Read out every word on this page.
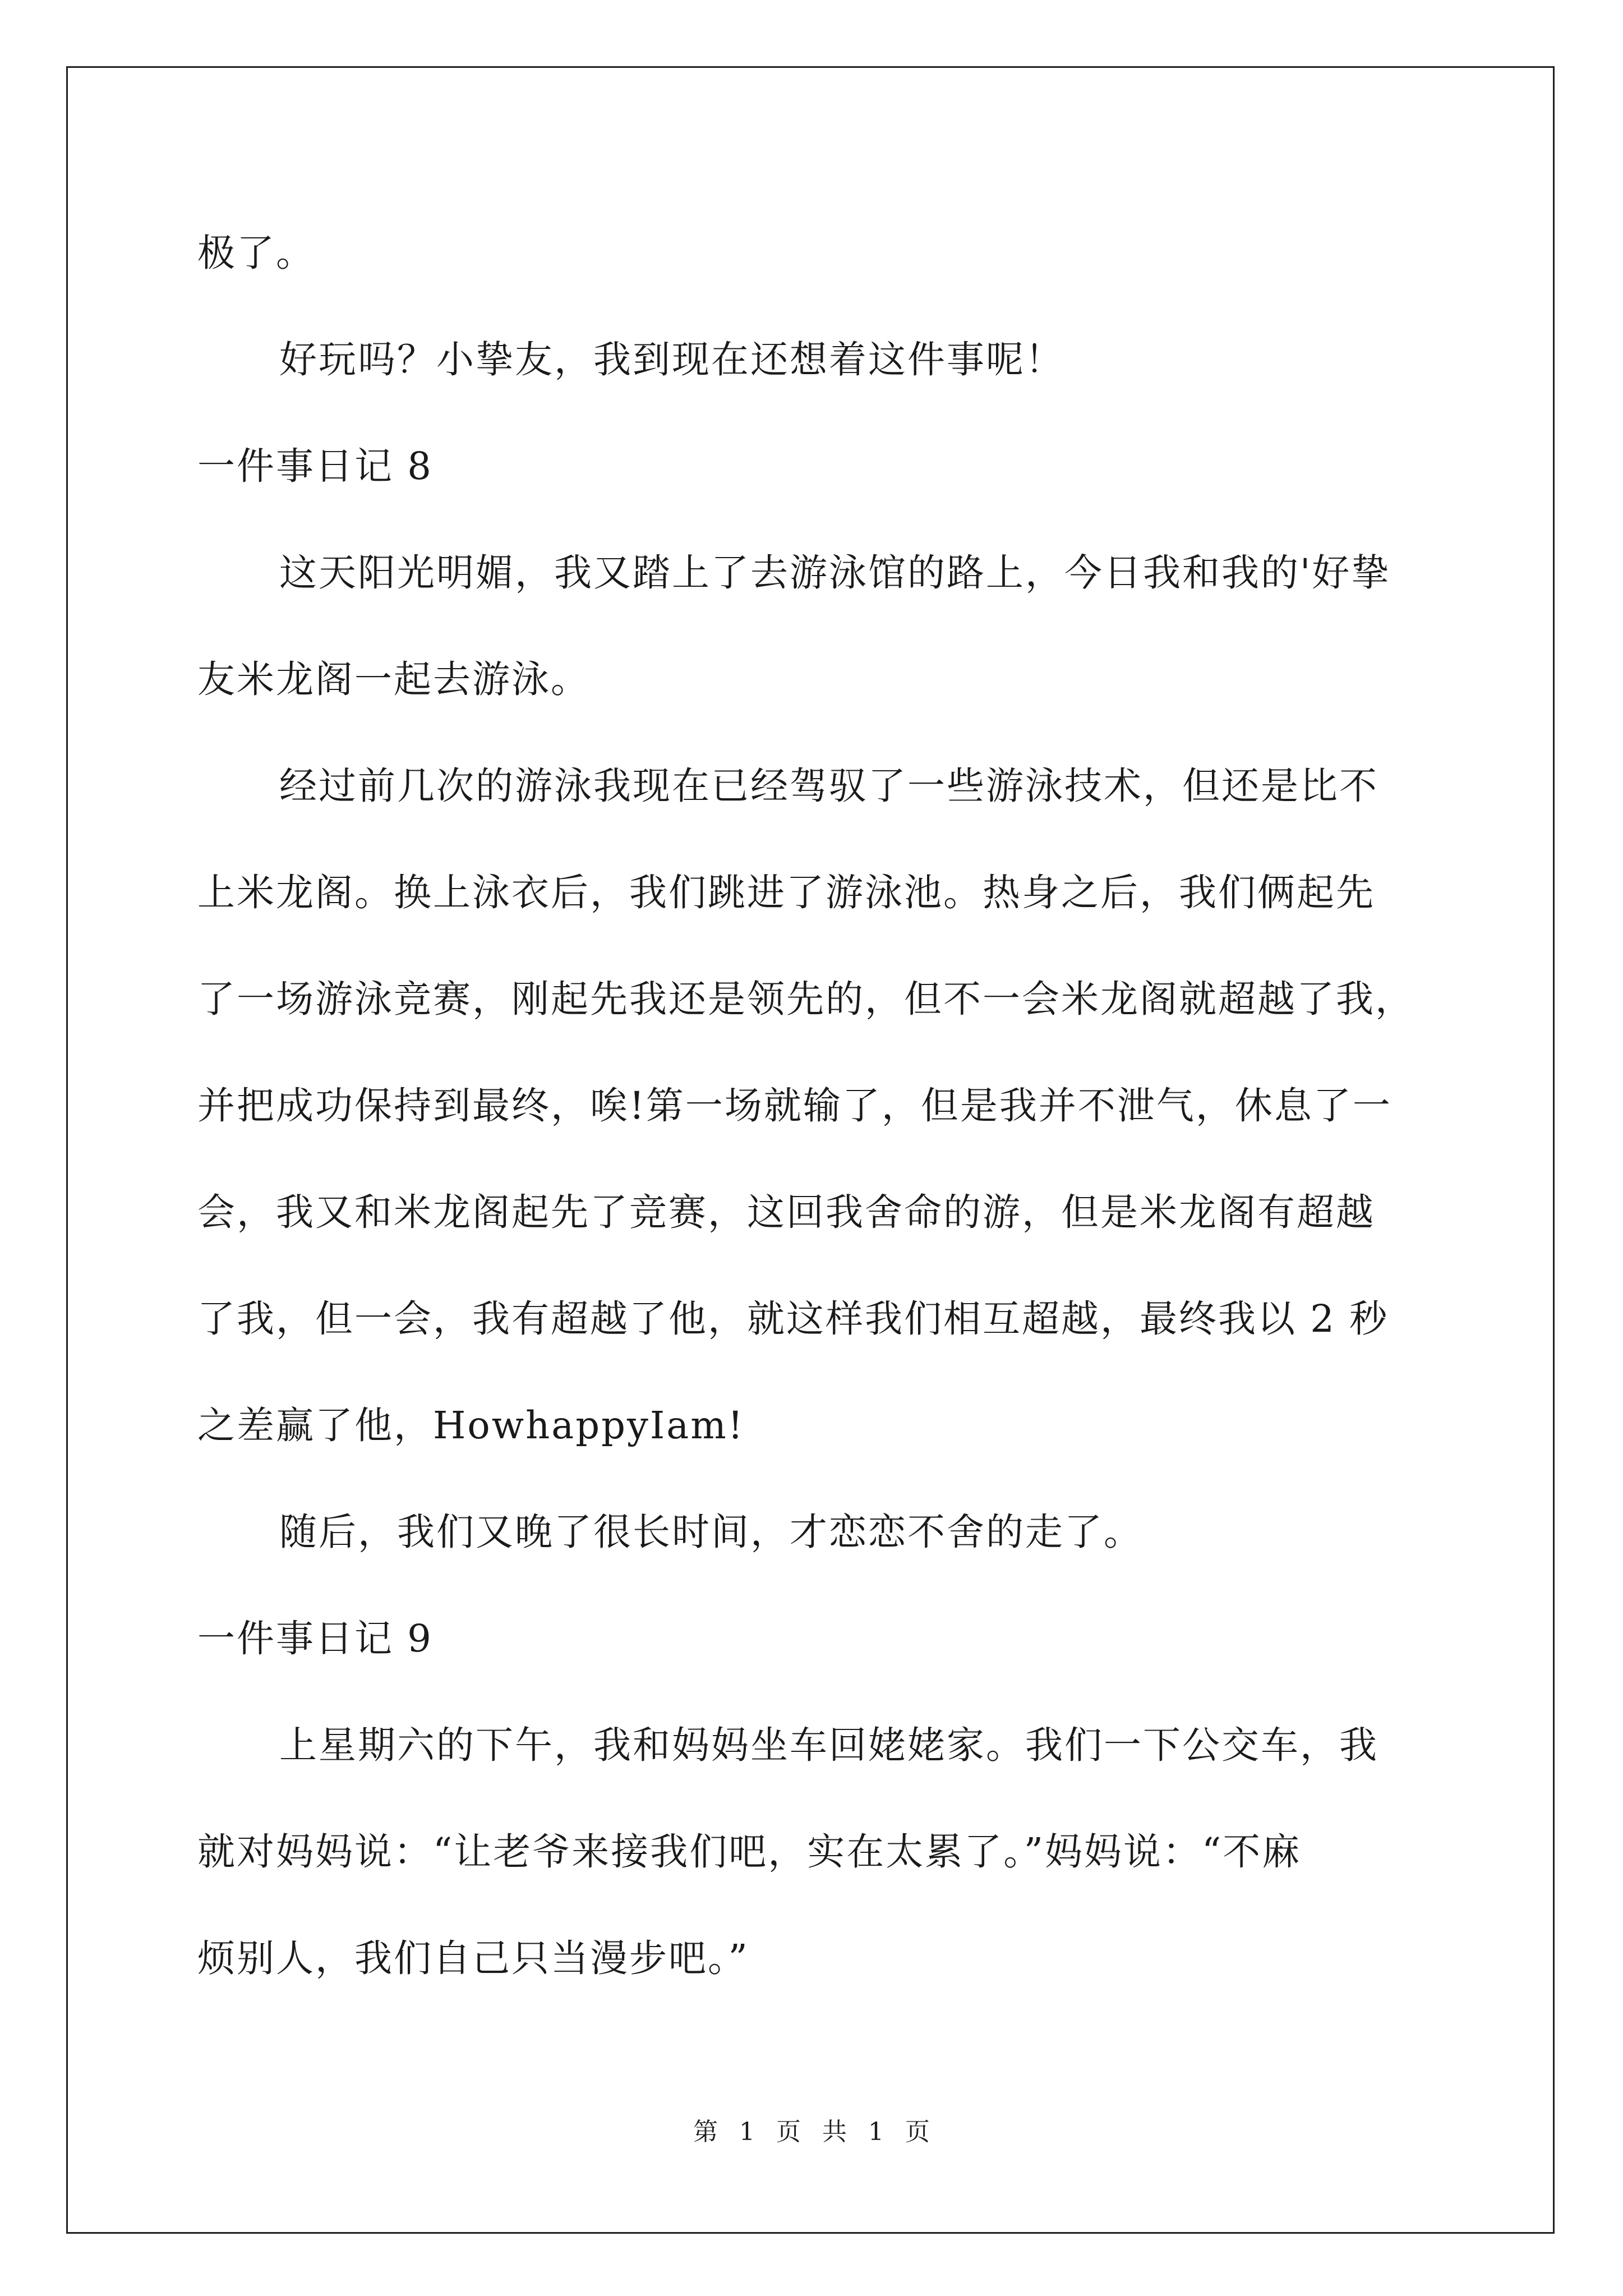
极了。
好玩吗？小挚友，我到现在还想着这件事呢！
一件事日记 8
这天阳光明媚，我又踏上了去游泳馆的路上，今日我和我的'好挚
友米龙阁一起去游泳。
经过前几次的游泳我现在已经驾驭了一些游泳技术，但还是比不
上米龙阁。换上泳衣后，我们跳进了游泳池。热身之后，我们俩起先
了一场游泳竞赛，刚起先我还是领先的，但不一会米龙阁就超越了我，
并把成功保持到最终，唉!第一场就输了，但是我并不泄气，休息了一
会，我又和米龙阁起先了竞赛，这回我舍命的游，但是米龙阁有超越
了我，但一会，我有超越了他，就这样我们相互超越，最终我以 2 秒
之差赢了他，HowhappyIam!
随后，我们又晚了很长时间，才恋恋不舍的走了。
一件事日记 9
上星期六的下午，我和妈妈坐车回姥姥家。我们一下公交车，我
就对妈妈说：“让老爷来接我们吧，实在太累了。”妈妈说：“不麻
烦别人，我们自己只当漫步吧。”
第 1 页 共 1 页
